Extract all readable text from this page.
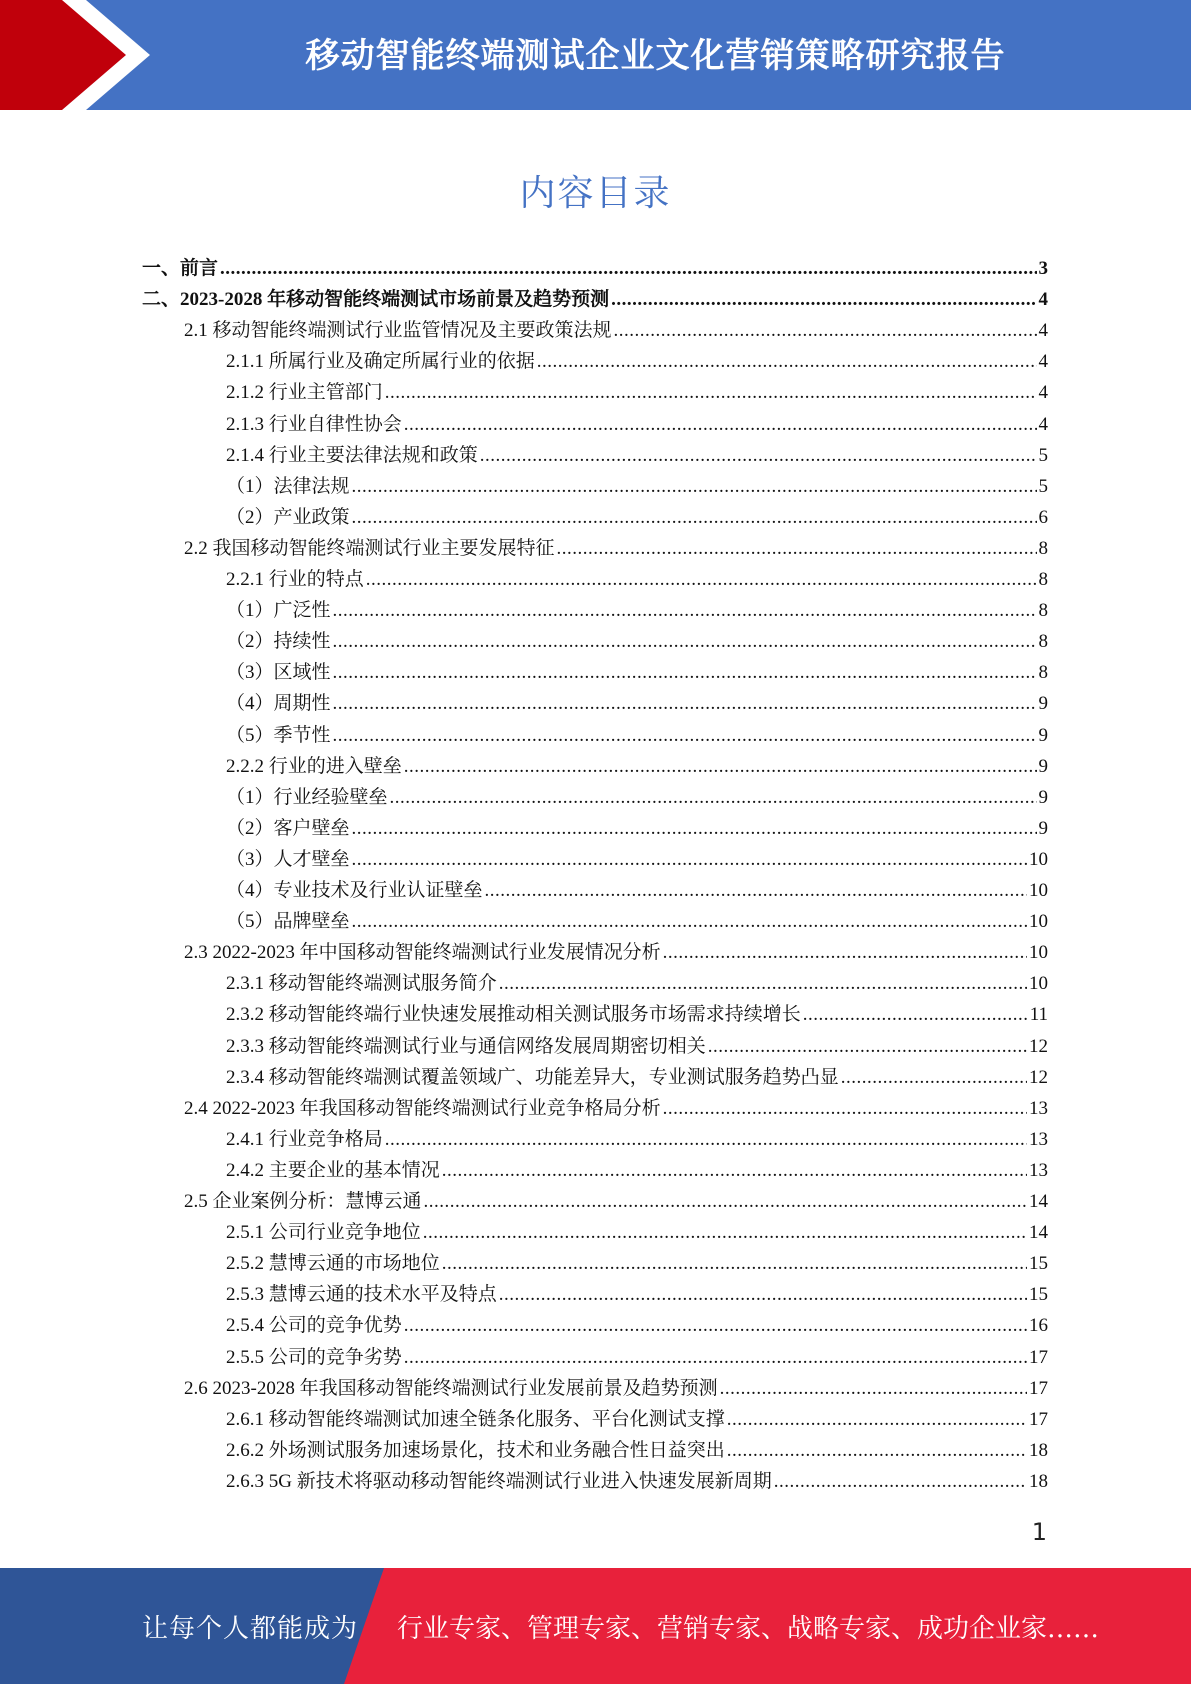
移动智能终端测试企业文化营销策略研究报告
内容目录
一、前言 .....	3
二、2023-2028 年移动智能终端测试市场前景及趋势预测 .....	4
2.1 移动智能终端测试行业监管情况及主要政策法规 .....	4
2.1.1 所属行业及确定所属行业的依据 .....	4
2.1.2 行业主管部门 .....	4
2.1.3 行业自律性协会 .....	4
2.1.4 行业主要法律法规和政策 .....	5
（1）法律法规 .....	5
（2）产业政策 .....	6
2.2 我国移动智能终端测试行业主要发展特征 .....	8
2.2.1 行业的特点 .....	8
（1）广泛性 .....	8
（2）持续性 .....	8
（3）区域性 .....	8
（4）周期性 .....	9
（5）季节性 .....	9
2.2.2 行业的进入壁垒 .....	9
（1）行业经验壁垒 .....	9
（2）客户壁垒 .....	9
（3）人才壁垒 .....	10
（4）专业技术及行业认证壁垒 .....	10
（5）品牌壁垒 .....	10
2.3 2022-2023 年中国移动智能终端测试行业发展情况分析 .....	10
2.3.1 移动智能终端测试服务简介 .....	10
2.3.2 移动智能终端行业快速发展推动相关测试服务市场需求持续增长 .....	11
2.3.3 移动智能终端测试行业与通信网络发展周期密切相关 .....	12
2.3.4 移动智能终端测试覆盖领域广、功能差异大，专业测试服务趋势凸显 .....	12
2.4 2022-2023 年我国移动智能终端测试行业竞争格局分析 .....	13
2.4.1 行业竞争格局 .....	13
2.4.2 主要企业的基本情况 .....	13
2.5 企业案例分析：慧博云通 .....	14
2.5.1 公司行业竞争地位 .....	14
2.5.2 慧博云通的市场地位 .....	15
2.5.3 慧博云通的技术水平及特点 .....	15
2.5.4 公司的竞争优势 .....	16
2.5.5 公司的竞争劣势 .....	17
2.6 2023-2028 年我国移动智能终端测试行业发展前景及趋势预测 .....	17
2.6.1 移动智能终端测试加速全链条化服务、平台化测试支撑 .....	17
2.6.2 外场测试服务加速场景化，技术和业务融合性日益突出 .....	18
2.6.3 5G 新技术将驱动移动智能终端测试行业进入快速发展新周期 .....	18
1
让每个人都能成为 行业专家、管理专家、营销专家、战略专家、成功企业家……
